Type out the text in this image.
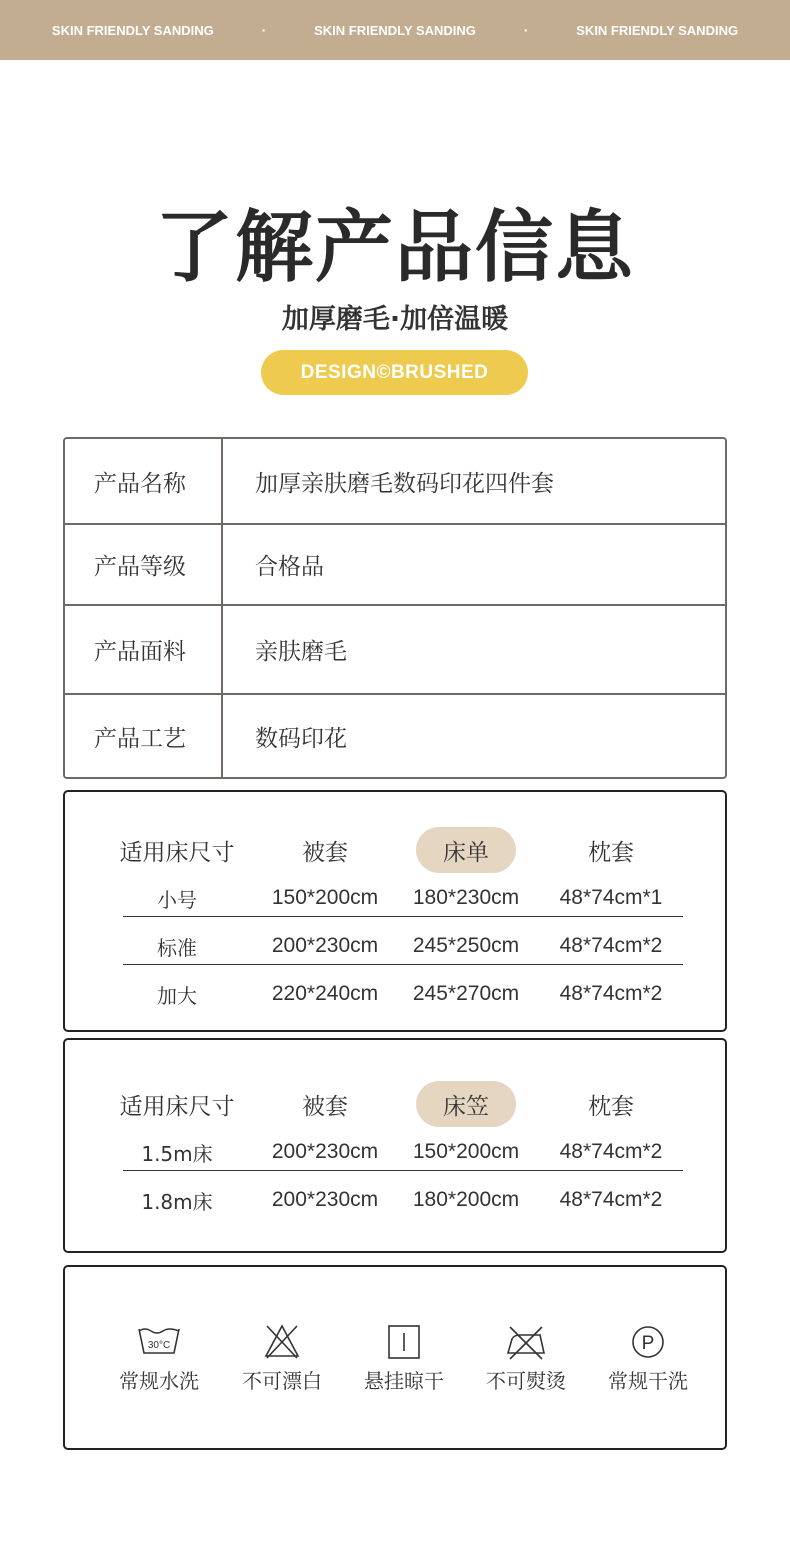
SKIN FRIENDLY SANDING	·	SKIN FRIENDLY SANDING	·	SKIN FRIENDLY SANDING
了解产品信息
加厚磨毛·加倍温暖
DESIGN©BRUSHED
产品名称	加厚亲肤磨毛数码印花四件套
产品等级	合格品
产品面料	亲肤磨毛
产品工艺	数码印花
适用床尺寸	被套	床单	枕套
小号	150*200cm	180*230cm	48*74cm*1
标准	200*230cm	245*250cm	48*74cm*2
加大	220*240cm	245*270cm	48*74cm*2
适用床尺寸	被套	床笠	枕套
1.5m床	200*230cm	150*200cm	48*74cm*2
1.8m床	200*230cm	180*200cm	48*74cm*2
30°C
常规水洗 不可漂白 悬挂晾干 不可熨烫
P
常规干洗
